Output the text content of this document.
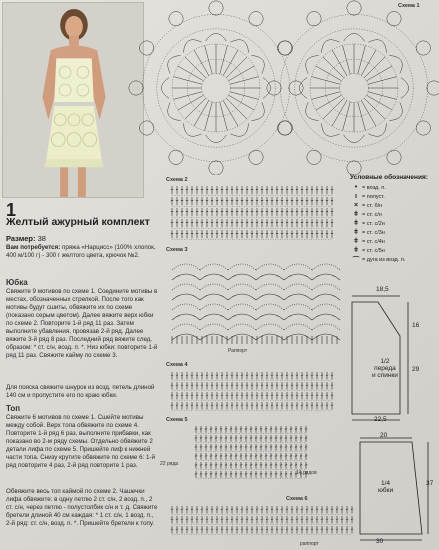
1
Желтый ажурный комплект
Размер: 38
Вам потребуется: пряжа «Нарцисс» (100% хлопок, 400 м/100 г) - 300 г желтого цвета, крючок №2.
Юбка
Свяжите 9 мотивов по схеме 1. Соедините мотивы в местах, обозначенных стрелкой. После того как мотивы будут сшиты, обвяжите их по схеме (показано серым цветом). Далее вяжите верх юбки по схеме 2. Повторите 1-й ряд 11 раз. Затем выполните убавления, провязав 2-й ряд. Далее вяжите 3-й ряд 8 раз. Последний ряд вяжите след. образом: * ст. с/н, возд. п. *. Низ юбки: повторите 1-й ряд 11 раз. Свяжите кайму по схеме 3.
Для пояска свяжите шнурок из возд. петель длиной 140 см и пропустите его по краю юбки.
Топ
Свяжите 6 мотивов по схеме 1. Сшейте мотивы между собой. Верх топа обвяжите по схеме 4. Повторите 1-й ряд 6 раз, выполните прибавки, как показано во 2-м ряду схемы. Отдельно обвяжите 2 детали лифа по схеме 5. Пришейте лиф к нижней части топа. Снизу крутите обвяжите по схеме 6: 1-й ряд повторите 4 раз, 2-й ряд повторите 1 раз.
Обвяжите весь топ каймой по схеме 2. Чашечки лифа обвяжите: в одну петлю 2 ст. с/н, 2 возд. п., 2 ст. с/н, через петлю - полустолбик с/н и т. д. Свяжите бретели длиной 40 см каждая: * 1 ст. с/н, 1 возд. п., 2-й ряд: ст. с/н, возд. п. *. Пришейте бретели к топу.
Схема 1
Схема 2
Схема 3
Раппорт
Схема 4
Схема 5
22 ряда
14 рядов
Схема 6
раппорт
Условные обозначения:
• = возд. п.
ı = полуст.
× = ст. б/н
ǂ = ст. с/н
ǂ = ст. с/2н
ǂ = ст. с/3н
ǂ = ст. с/4н
ǂ = ст. с/5н
⌒ = дуга из возд. п.
18,5
16
29
22,5
1/2
переда
и спинки
20
37
30
1/4
юбки
